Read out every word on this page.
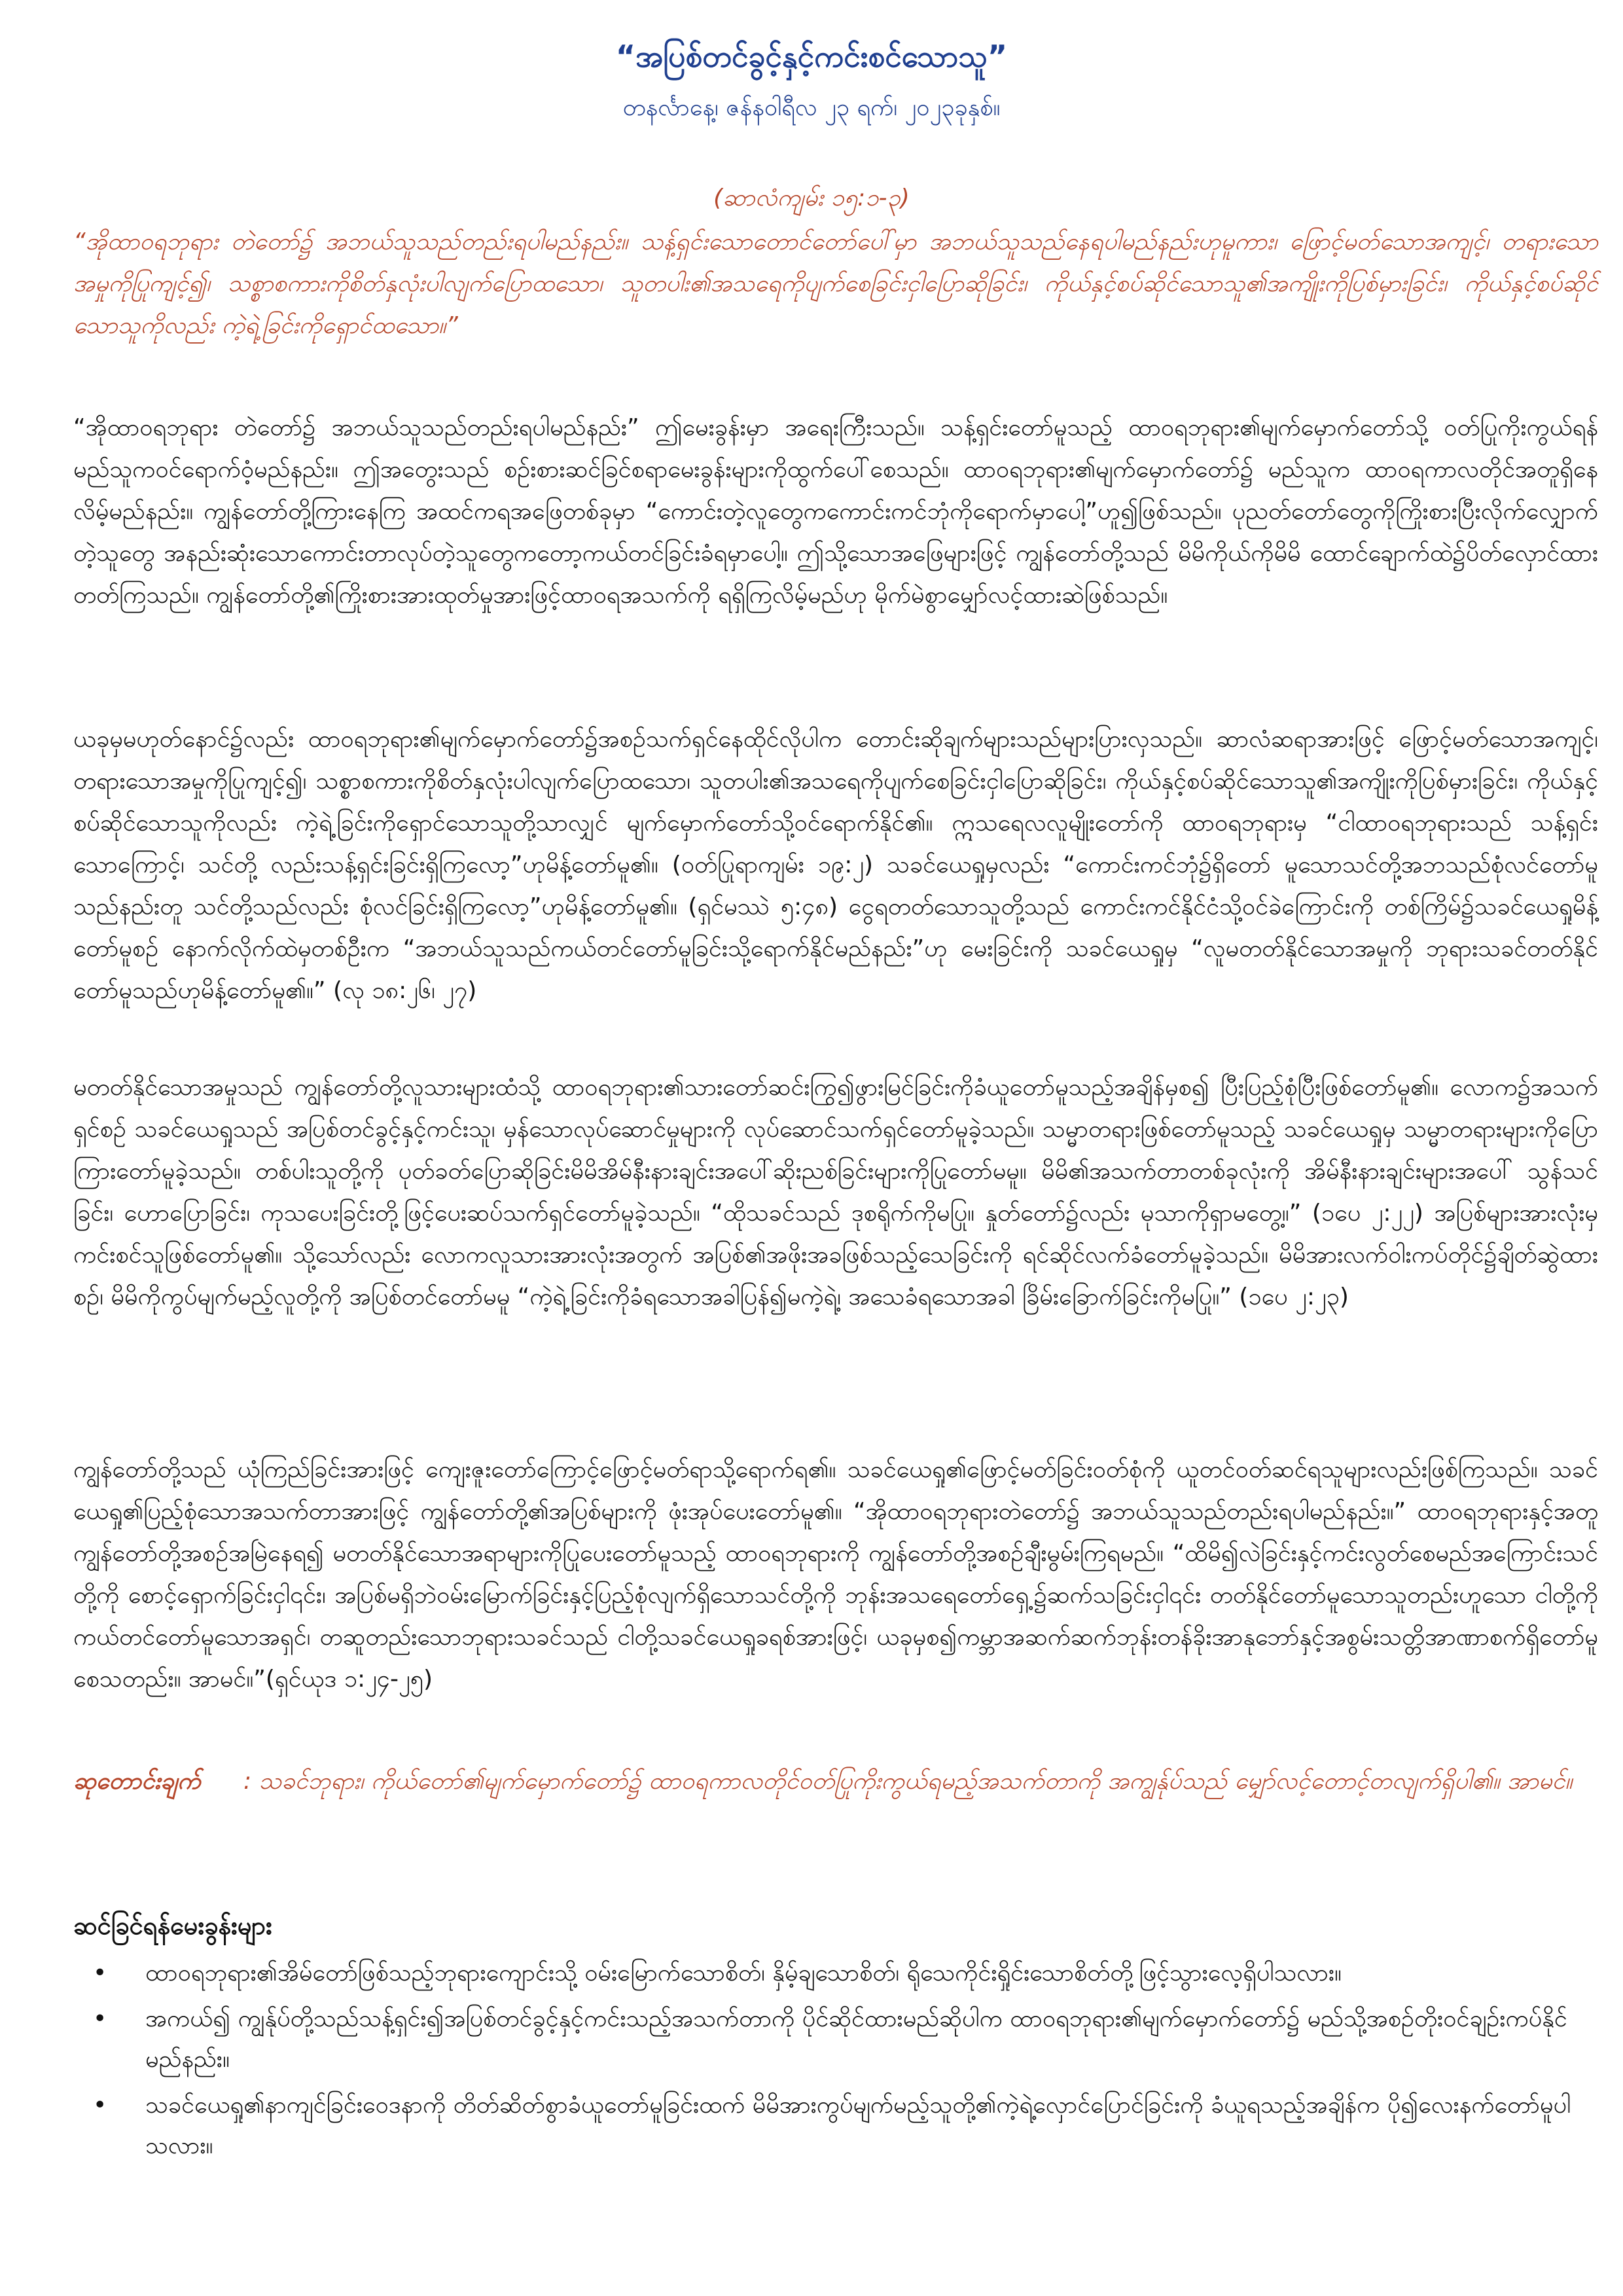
“အပြစ်တင်ခွင့်နှင့်ကင်းစင်သောသူ”
တနင်္လာနေ့၊ ဇန်နဝါရီလ ၂၃ ရက်၊ ၂၀၂၃ခုနှစ်။
(ဆာလံကျမ်း ၁၅:၁-၃)
“အိုထာဝရဘုရား တဲတော်၌ အဘယ်သူသည်တည်းရပါမည်နည်း။ သန့်ရှင်းသောတောင်တော်ပေါ်မှာ အဘယ်သူသည်နေရပါမည်နည်းဟုမူကား၊ ဖြောင့်မတ်သောအကျင့်၊ တရားသောအမှုကိုပြုကျင့်၍၊ သစ္စာစကားကိုစိတ်နှလုံးပါလျက်ပြောထသော၊ သူတပါး၏အသရေကိုပျက်စေခြင်းငှါပြောဆိုခြင်း၊ ကိုယ်နှင့်စပ်ဆိုင်သောသူ၏အကျိုးကိုပြစ်မှားခြင်း၊ ကိုယ်နှင့်စပ်ဆိုင်သောသူကိုလည်း ကဲ့ရဲ့ခြင်းကိုရှောင်ထသော။”
“အိုထာဝရဘုရား တဲတော်၌ အဘယ်သူသည်တည်းရပါမည်နည်း” ဤမေးခွန်းမှာ အရေးကြီးသည်။ သန့်ရှင်းတော်မူသည့် ထာဝရဘုရား၏မျက်မှောက်တော်သို့ ဝတ်ပြုကိုးကွယ်ရန် မည်သူကဝင်ရောက်ဝံ့မည်နည်း။ ဤအတွေးသည် စဉ်းစားဆင်ခြင်စရာမေးခွန်းများကိုထွက်ပေါ်စေသည်။ ထာဝရဘုရား၏မျက်မှောက်တော်၌ မည်သူက ထာဝရကာလတိုင်အတူရှိနေလိမ့်မည်နည်း။ ကျွန်တော်တို့ကြားနေကြ အထင်ကရအဖြေတစ်ခုမှာ “ကောင်းတဲ့လူတွေကကောင်းကင်ဘုံကိုရောက်မှာပေါ့”ဟူ၍ဖြစ်သည်။ ပုညတ်တော်တွေကိုကြိုးစားပြီးလိုက်လျှောက်တဲ့သူတွေ အနည်းဆုံးသောကောင်းတာလုပ်တဲ့သူတွေကတော့ကယ်တင်ခြင်းခံရမှာပေါ့။ ဤသို့သောအဖြေများဖြင့် ကျွန်တော်တို့သည် မိမိကိုယ်ကိုမိမိ ထောင်ချောက်ထဲ၌ပိတ်လှောင်ထားတတ်ကြသည်။ ကျွန်တော်တို့၏ကြိုးစားအားထုတ်မှုအားဖြင့်ထာဝရအသက်ကို ရရှိကြလိမ့်မည်ဟု မိုက်မဲစွာမျှော်လင့်ထားဆဲဖြစ်သည်။
ယခုမှမဟုတ်နောင်၌လည်း ထာဝရဘုရား၏မျက်မှောက်တော်၌အစဉ်သက်ရှင်နေထိုင်လိုပါက တောင်းဆိုချက်များသည်များပြားလှသည်။ ဆာလံဆရာအားဖြင့် ဖြောင့်မတ်သောအကျင့်၊ တရားသောအမှုကိုပြုကျင့်၍၊ သစ္စာစကားကိုစိတ်နှလုံးပါလျက်ပြောထသော၊ သူတပါး၏အသရေကိုပျက်စေခြင်းငှါပြောဆိုခြင်း၊ ကိုယ်နှင့်စပ်ဆိုင်သောသူ၏အကျိုးကိုပြစ်မှားခြင်း၊ ကိုယ်နှင့်စပ်ဆိုင်သောသူကိုလည်း ကဲ့ရဲ့ခြင်းကိုရှောင်သောသူတို့သာလျှင် မျက်မှောက်တော်သို့ဝင်ရောက်နိုင်၏။ ဣသရေလလူမျိုးတော်ကို ထာဝရဘုရားမှ “ငါထာဝရဘုရားသည် သန့်ရှင်းသောကြောင့်၊ သင်တို့ လည်းသန့်ရှင်းခြင်းရှိကြလော့”ဟုမိန့်တော်မူ၏။ (ဝတ်ပြုရာကျမ်း ၁၉:၂) သခင်ယေရှုမှလည်း “ကောင်းကင်ဘုံ၌ရှိတော် မူသောသင်တို့အဘသည်စုံလင်တော်မူသည်နည်းတူ သင်တို့သည်လည်း စုံလင်ခြင်းရှိကြလော့”ဟုမိန့်တော်မူ၏။ (ရှင်မဿဲ ၅:၄၈) ငွေရတတ်သောသူတို့သည် ကောင်းကင်နိုင်ငံသို့ဝင်ခဲကြောင်းကို တစ်ကြိမ်၌သခင်ယေရှုမိန့်တော်မူစဉ် နောက်လိုက်ထဲမှတစ်ဦးက “အဘယ်သူသည်ကယ်တင်တော်မူခြင်းသို့ရောက်နိုင်မည်နည်း”ဟု မေးခြင်းကို သခင်ယေရှုမှ “လူမတတ်နိုင်သောအမှုကို ဘုရားသခင်တတ်နိုင်တော်မူသည်ဟုမိန့်တော်မူ၏။” (လု ၁၈:၂၆၊ ၂၇)
မတတ်နိုင်သောအမှုသည် ကျွန်တော်တို့လူသားများထံသို့ ထာဝရဘုရား၏သားတော်ဆင်းကြွ၍ဖွားမြင်ခြင်းကိုခံယူတော်မူသည့်အချိန်မှစ၍ ပြီးပြည့်စုံပြီးဖြစ်တော်မူ၏။ လောက၌အသက်ရှင်စဉ် သခင်ယေရှုသည် အပြစ်တင်ခွင့်နှင့်ကင်းသူ၊ မှန်သောလုပ်ဆောင်မှုများကို လုပ်ဆောင်သက်ရှင်တော်မူခဲ့သည်။ သမ္မာတရားဖြစ်တော်မူသည့် သခင်ယေရှုမှ သမ္မာတရားများကိုပြောကြားတော်မူခဲ့သည်။ တစ်ပါးသူတို့ကို ပုတ်ခတ်ပြောဆိုခြင်းမိမိအိမ်နီးနားချင်းအပေါ်ဆိုးညစ်ခြင်းများကိုပြုတော်မမူ။ မိမိ၏အသက်တာတစ်ခုလုံးကို အိမ်နီးနားချင်းများအပေါ် သွန်သင်ခြင်း၊ ဟောပြောခြင်း၊ ကုသပေးခြင်းတို့ဖြင့်ပေးဆပ်သက်ရှင်တော်မူခဲ့သည်။ “ထိုသခင်သည် ဒုစရိုက်ကိုမပြု။ နှုတ်တော်၌လည်း မုသာကိုရှာမတွေ့။” (၁ပေ ၂:၂၂) အပြစ်များအားလုံးမှကင်းစင်သူဖြစ်တော်မူ၏။ သို့သော်လည်း လောကလူသားအားလုံးအတွက် အပြစ်၏အဖိုးအခဖြစ်သည့်သေခြင်းကို ရင်ဆိုင်လက်ခံတော်မူခဲ့သည်။ မိမိအားလက်ဝါးကပ်တိုင်၌ချိတ်ဆွဲထားစဉ်၊ မိမိကိုကွပ်မျက်မည့်လူတို့ကို အပြစ်တင်တော်မမူ “ကဲ့ရဲ့ခြင်းကိုခံရသောအခါပြန်၍မကဲ့ရဲ့၊ အသေခံရသောအခါ ခြိမ်းခြောက်ခြင်းကိုမပြု။” (၁ပေ ၂:၂၃)
ကျွန်တော်တို့သည် ယုံကြည်ခြင်းအားဖြင့် ကျေးဇူးတော်ကြောင့်ဖြောင့်မတ်ရာသို့ရောက်ရ၏။ သခင်ယေရှု၏ဖြောင့်မတ်ခြင်းဝတ်စုံကို ယူတင်ဝတ်ဆင်ရသူများလည်းဖြစ်ကြသည်။ သခင်ယေရှု၏ပြည့်စုံသောအသက်တာအားဖြင့် ကျွန်တော်တို့၏အပြစ်များကို ဖုံးအုပ်ပေးတော်မူ၏။ “အိုထာဝရဘုရားတဲတော်၌ အဘယ်သူသည်တည်းရပါမည်နည်း။” ထာဝရဘုရားနှင့်အတူ ကျွန်တော်တို့အစဉ်အမြဲနေရ၍ မတတ်နိုင်သောအရာများကိုပြုပေးတော်မူသည့် ထာဝရဘုရားကို ကျွန်တော်တို့အစဉ်ချီးမွမ်းကြရမည်။ “ထိမိ၍လဲခြင်းနှင့်ကင်းလွတ်စေမည်အကြောင်းသင်တို့ကို စောင့်ရှောက်ခြင်းငှါ၎င်း၊ အပြစ်မရှိဘဲဝမ်းမြောက်ခြင်းနှင့်ပြည့်စုံလျက်ရှိသောသင်တို့ကို ဘုန်းအသရေတော်ရှေ့၌ဆက်သခြင်းငှါ၎င်း တတ်နိုင်တော်မူသောသူတည်းဟူသော ငါတို့ကိုကယ်တင်တော်မူသောအရှင်၊ တဆူတည်းသောဘုရားသခင်သည် ငါတို့သခင်ယေရှုခရစ်အားဖြင့်၊ ယခုမှစ၍ကမ္ဘာအဆက်ဆက်ဘုန်းတန်ခိုးအာနုဘော်နှင့်အစွမ်းသတ္တိအာဏာစက်ရှိတော်မူစေသတည်း။ အာမင်။”(ရှင်ယုဒ ၁:၂၄-၂၅)
ဆုတောင်းချက် : သခင်ဘုရား၊ ကိုယ်တော်၏မျက်မှောက်တော်၌ ထာဝရကာလတိုင်ဝတ်ပြုကိုးကွယ်ရမည့်အသက်တာကို အကျွန်ုပ်သည် မျှော်လင့်တောင့်တလျက်ရှိပါ၏။ အာမင်။
ဆင်ခြင်ရန်မေးခွန်းများ
• ထာဝရဘုရား၏အိမ်တော်ဖြစ်သည့်ဘုရားကျောင်းသို့ ဝမ်းမြောက်သောစိတ်၊ နှိမ့်ချသောစိတ်၊ ရိုသေကိုင်းရှိုင်းသောစိတ်တို့ဖြင့်သွားလေ့ရှိပါသလား။
• အကယ်၍ ကျွန်ုပ်တို့သည်သန့်ရှင်း၍အပြစ်တင်ခွင့်နှင့်ကင်းသည့်အသက်တာကို ပိုင်ဆိုင်ထားမည်ဆိုပါက ထာဝရဘုရား၏မျက်မှောက်တော်၌ မည်သို့အစဉ်တိုးဝင်ချဉ်းကပ်နိုင်မည်နည်း။
• သခင်ယေရှု၏နာကျင်ခြင်းဝေဒနာကို တိတ်ဆိတ်စွာခံယူတော်မူခြင်းထက် မိမိအားကွပ်မျက်မည့်သူတို့၏ကဲ့ရဲ့လှောင်ပြောင်ခြင်းကို ခံယူရသည့်အချိန်က ပို၍လေးနက်တော်မူပါသလား။
